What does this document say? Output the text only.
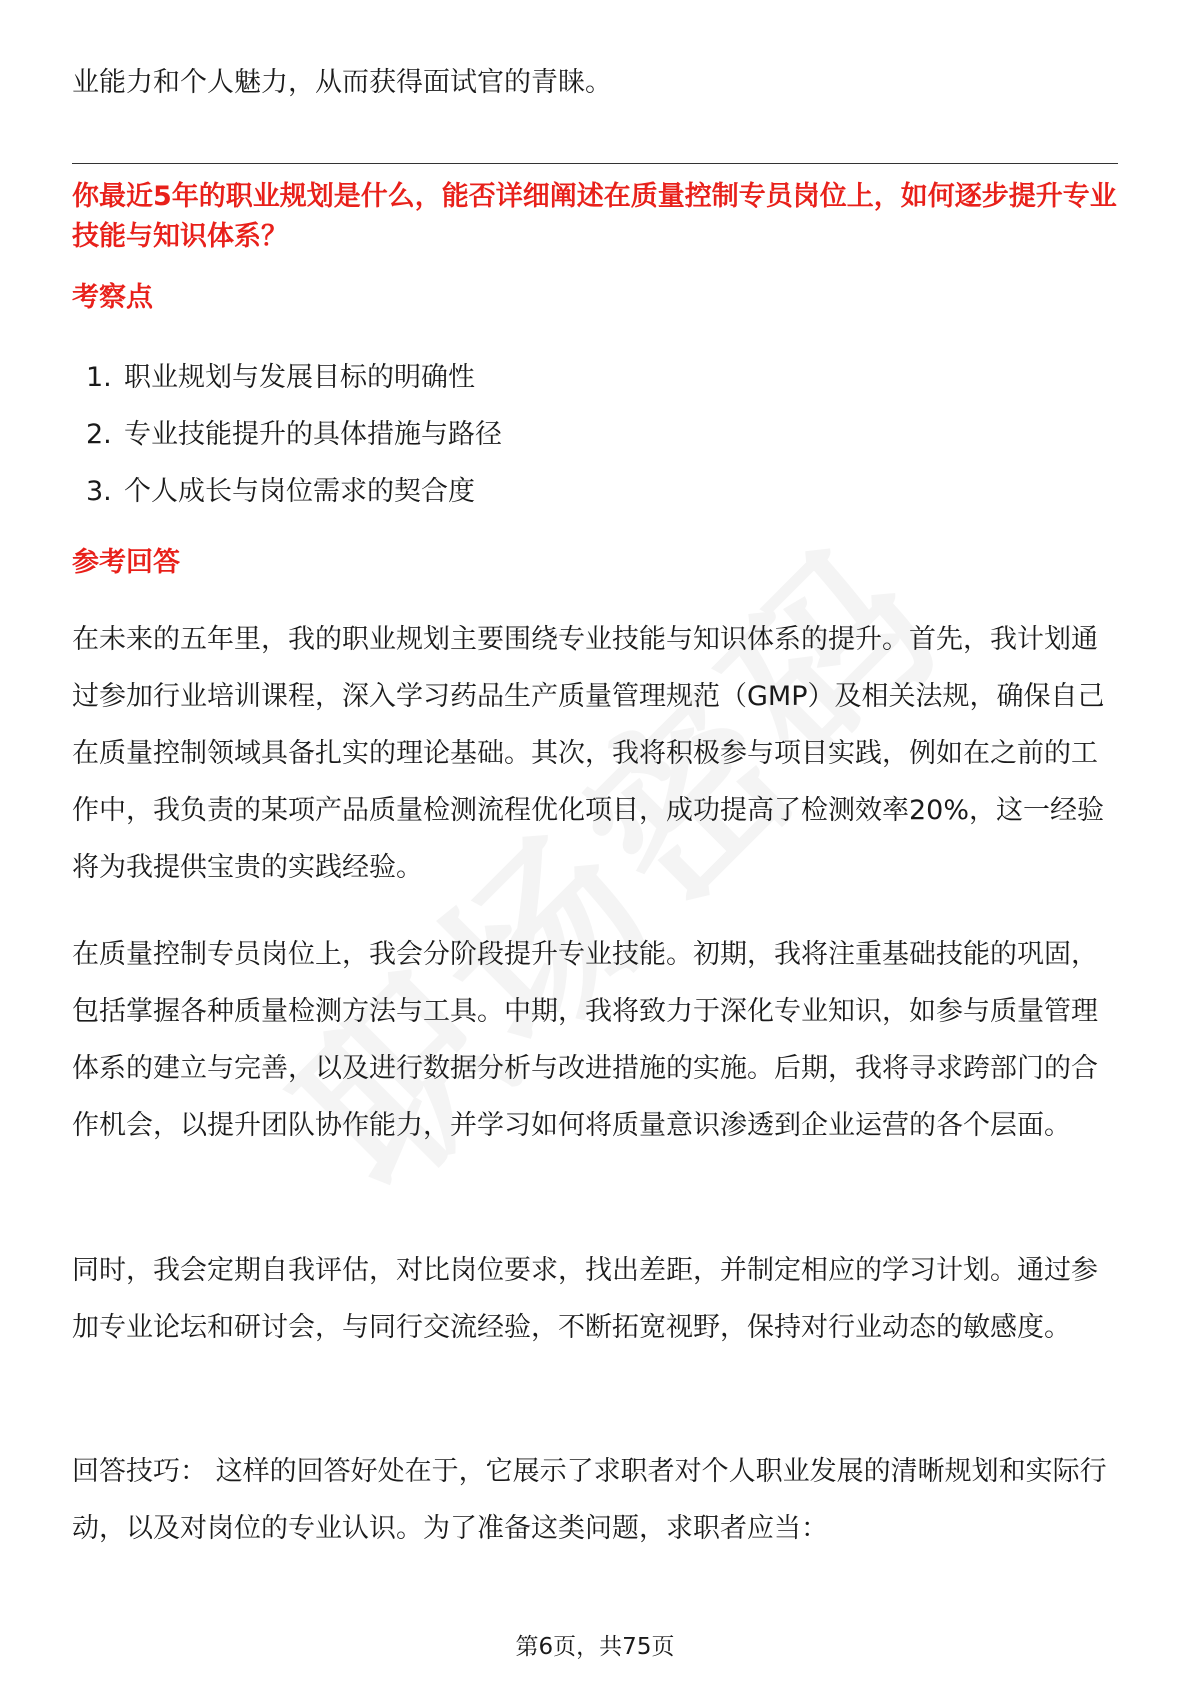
业能力和个人魅力，从而获得面试官的青睐。

你最近5年的职业规划是什么，能否详细阐述在质量控制专员岗位上，如何逐步提升专业技能与知识体系？

考察点

1. 职业规划与发展目标的明确性
2. 专业技能提升的具体措施与路径
3. 个人成长与岗位需求的契合度

参考回答

在未来的五年里，我的职业规划主要围绕专业技能与知识体系的提升。首先，我计划通过参加行业培训课程，深入学习药品生产质量管理规范（GMP）及相关法规，确保自己在质量控制领域具备扎实的理论基础。其次，我将积极参与项目实践，例如在之前的工作中，我负责的某项产品质量检测流程优化项目，成功提高了检测效率20%，这一经验将为我提供宝贵的实践经验。

在质量控制专员岗位上，我会分阶段提升专业技能。初期，我将注重基础技能的巩固，包括掌握各种质量检测方法与工具。中期，我将致力于深化专业知识，如参与质量管理体系的建立与完善，以及进行数据分析与改进措施的实施。后期，我将寻求跨部门的合作机会，以提升团队协作能力，并学习如何将质量意识渗透到企业运营的各个层面。

同时，我会定期自我评估，对比岗位要求，找出差距，并制定相应的学习计划。通过参加专业论坛和研讨会，与同行交流经验，不断拓宽视野，保持对行业动态的敏感度。

回答技巧： 这样的回答好处在于，它展示了求职者对个人职业发展的清晰规划和实际行动，以及对岗位的专业认识。为了准备这类问题，求职者应当：

第6页，共75页
